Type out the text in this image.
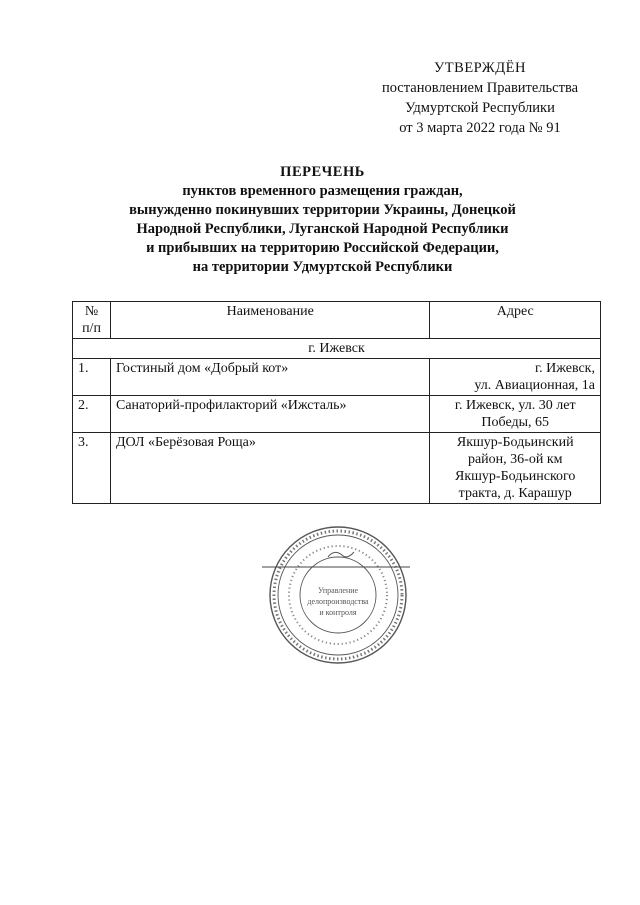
УТВЕРЖДЁН
постановлением Правительства
Удмуртской Республики
от 3 марта 2022 года № 91
ПЕРЕЧЕНЬ
пунктов временного размещения граждан,
вынужденно покинувших территории Украины, Донецкой
Народной Республики, Луганской Народной Республики
и прибывших на территорию Российской Федерации,
на территории Удмуртской Республики
№
п/п	Наименование	Адрес
г. Ижевск		
1.	Гостиный дом «Добрый кот»	г. Ижевск,
ул. Авиационная, 1а

2.	Санаторий-профилакторий «Ижсталь»	г. Ижевск, ул. 30 лет
Победы, 65

3.	ДОЛ «Берёзовая Роща»	Якшур-Бодьинский
район, 36-ой км
Якшур-Бодьинского
тракта, д. Карашур
Управление
делопроизводства
и контроля
